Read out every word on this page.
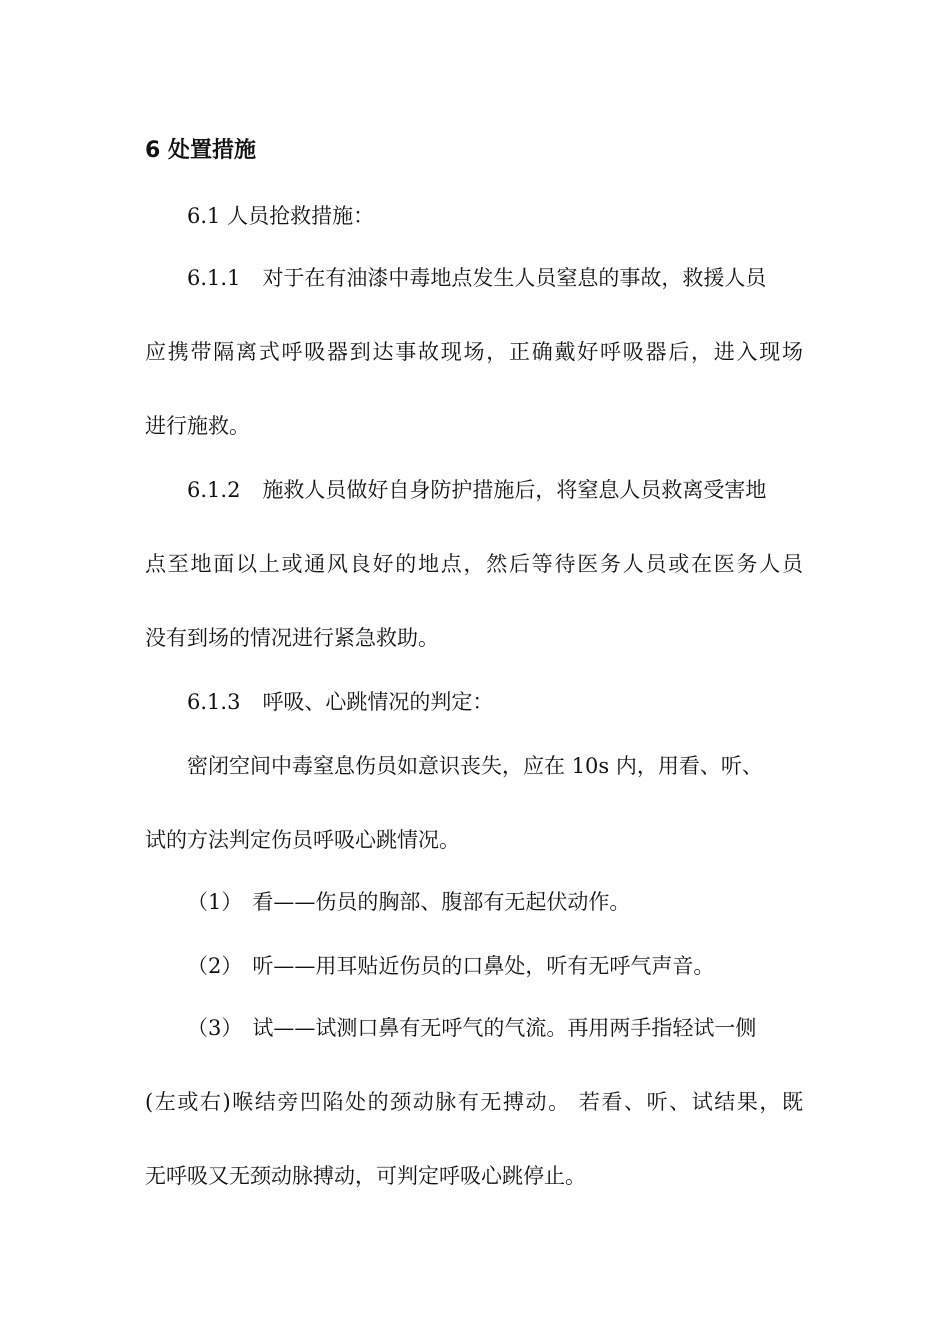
6 处置措施
6.1 人员抢救措施：
6.1.1 对于在有油漆中毒地点发生人员窒息的事故，救援人员
应携带隔离式呼吸器到达事故现场，正确戴好呼吸器后，进入现场
进行施救。
6.1.2 施救人员做好自身防护措施后，将窒息人员救离受害地
点至地面以上或通风良好的地点，然后等待医务人员或在医务人员
没有到场的情况进行紧急救助。
6.1.3 呼吸、心跳情况的判定：
密闭空间中毒窒息伤员如意识丧失，应在 10s 内，用看、听、
试的方法判定伤员呼吸心跳情况。
（1） 看——伤员的胸部、腹部有无起伏动作。
（2） 听——用耳贴近伤员的口鼻处，听有无呼气声音。
（3） 试——试测口鼻有无呼气的气流。再用两手指轻试一侧
(左或右)喉结旁凹陷处的颈动脉有无搏动。 若看、听、试结果，既
无呼吸又无颈动脉搏动，可判定呼吸心跳停止。
